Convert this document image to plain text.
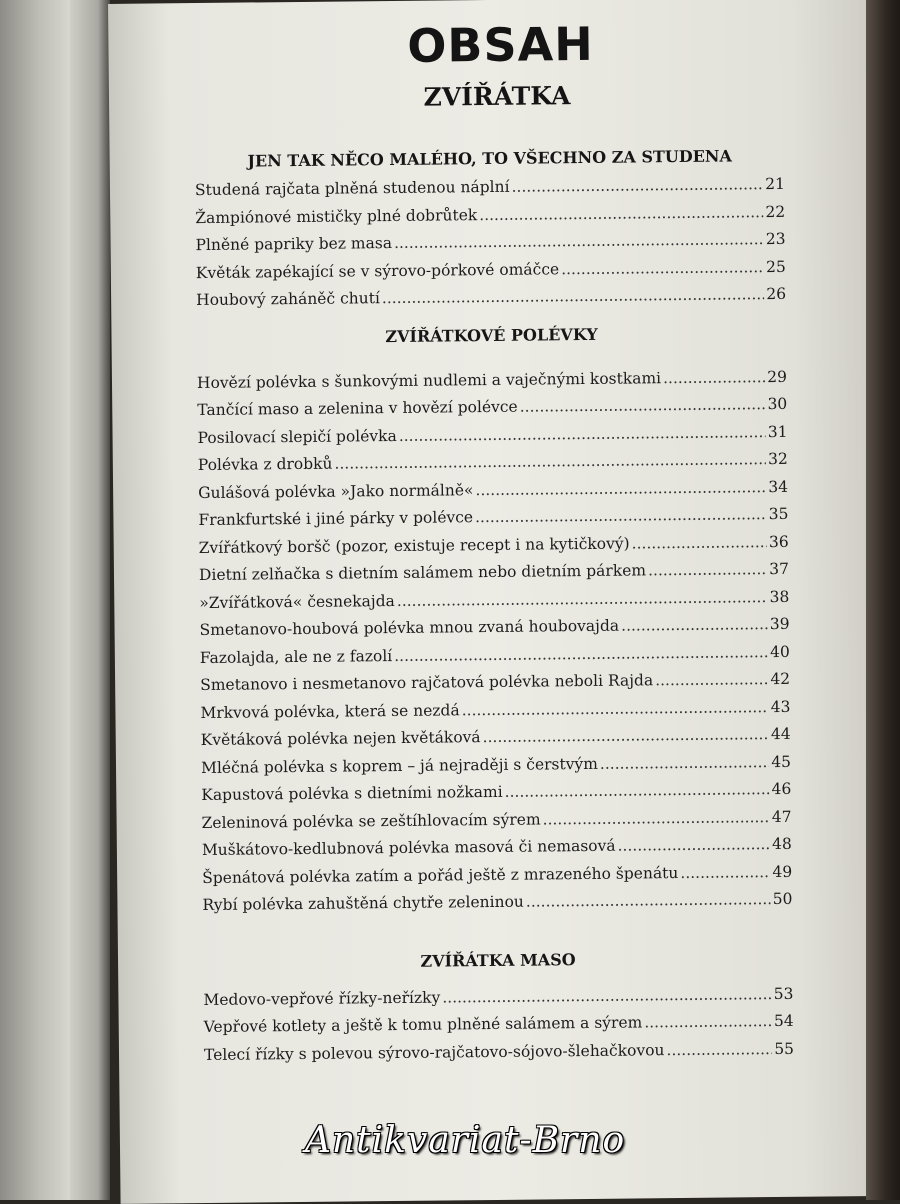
OBSAH
ZVÍŘÁTKA
JEN TAK NĚCO MALÉHO, TO VŠECHNO ZA STUDENA
Studená rajčata plněná studenou náplní .....	21
Žampiónové mističky plné dobrůtek .....	22
Plněné papriky bez masa .....	23
Květák zapékající se v sýrovo-pórkové omáčce .....	25
Houbový zaháněč chutí .....	26
ZVÍŘÁTKOVÉ POLÉVKY
Hovězí polévka s šunkovými nudlemi a vaječnými kostkami .....	29
Tančící maso a zelenina v hovězí polévce .....	30
Posilovací slepičí polévka .....	31
Polévka z drobků .....	32
Gulášová polévka »Jako normálně« .....	34
Frankfurtské i jiné párky v polévce .....	35
Zvířátkový boršč (pozor, existuje recept i na kytičkový) .....	36
Dietní zelňačka s dietním salámem nebo dietním párkem .....	37
»Zvířátková« česnekajda .....	38
Smetanovo-houbová polévka mnou zvaná houbovajda .....	39
Fazolajda, ale ne z fazolí .....	40
Smetanovo i nesmetanovo rajčatová polévka neboli Rajda .....	42
Mrkvová polévka, která se nezdá .....	43
Květáková polévka nejen květáková .....	44
Mléčná polévka s koprem – já nejraději s čerstvým .....	45
Kapustová polévka s dietními nožkami .....	46
Zeleninová polévka se zeštíhlovacím sýrem .....	47
Muškátovo-kedlubnová polévka masová či nemasová .....	48
Špenátová polévka zatím a pořád ještě z mrazeného špenátu .....	49
Rybí polévka zahuštěná chytře zeleninou .....	50
ZVÍŘÁTKA MASO
Medovo-vepřové řízky-neřízky .....	53
Vepřové kotlety a ještě k tomu plněné salámem a sýrem .....	54
Telecí řízky s polevou sýrovo-rajčatovo-sójovo-šlehačkovou .....	55
Antikvariat-Brno
